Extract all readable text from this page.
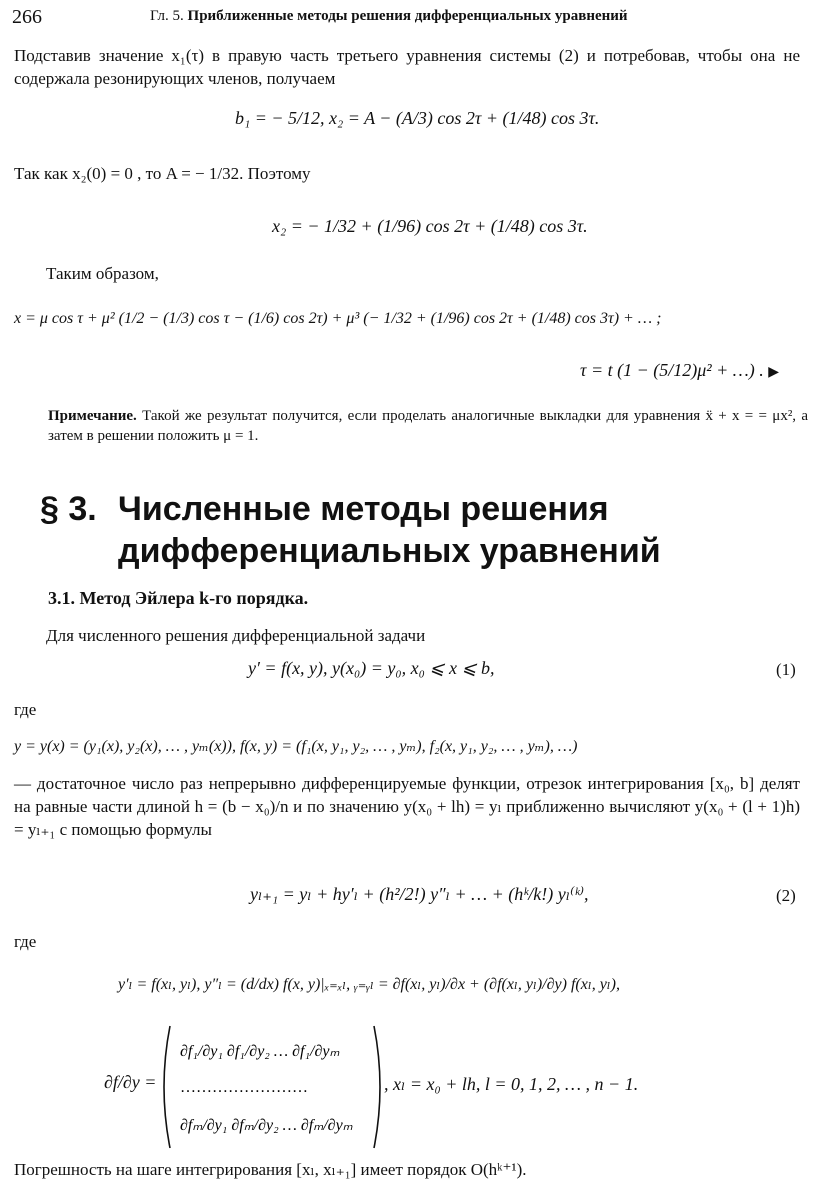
266	Гл. 5. Приближенные методы решения дифференциальных уравнений
Подставив значение x₁(τ) в правую часть третьего уравнения системы (2) и потребовав, чтобы она не содержала резонирующих членов, получаем
b₁ = − 5/12, x₂ = A − (A/3) cos 2τ + (1/48) cos 3τ.
Так как x₂(0) = 0 , то A = − 1/32. Поэтому
x₂ = − 1/32 + (1/96) cos 2τ + (1/48) cos 3τ.
Таким образом,
x = μ cos τ + μ² (1/2 − (1/3) cos τ − (1/6) cos 2τ) + μ³ (− 1/32 + (1/96) cos 2τ + (1/48) cos 3τ) + … ;
τ = t (1 − (5/12)μ² + …) . ▶
Примечание. Такой же результат получится, если проделать аналогичные выкладки для уравнения ẍ + x = = μx², а затем в решении положить μ = 1.
§ 3. Численные методы решения
дифференциальных уравнений
3.1. Метод Эйлера k-го порядка.
Для численного решения дифференциальной задачи
y′ = f(x, y), y(x₀) = y₀, x₀ ⩽ x ⩽ b,	(1)
где
y = y(x) = (y₁(x), y₂(x), … , yₘ(x)), f(x, y) = (f₁(x, y₁, y₂, … , yₘ), f₂(x, y₁, y₂, … , yₘ), …)
— достаточное число раз непрерывно дифференцируемые функции, отрезок интегрирования [x₀, b] делят на равные части длиной h = (b − x₀)/n и по значению y(x₀ + lh) = yₗ приближенно вычисляют y(x₀ + (l + 1)h) = yₗ₊₁ с помощью формулы
yₗ₊₁ = yₗ + hy′ₗ + (h²/2!) y″ₗ + … + (hᵏ/k!) yₗ⁽ᵏ⁾,	(2)
где
y′ₗ = f(xₗ, yₗ), y″ₗ = (d/dx) f(x, y)|ₓ₌ₓₗ, ᵧ₌ᵧₗ = ∂f(xₗ, yₗ)/∂x + (∂f(xₗ, yₗ)/∂y) f(xₗ, yₗ),
∂f/∂y =
∂f₁/∂y₁ ∂f₁/∂y₂ … ∂f₁/∂yₘ
……………………
∂fₘ/∂y₁ ∂fₘ/∂y₂ … ∂fₘ/∂yₘ
, xₗ = x₀ + lh, l = 0, 1, 2, … , n − 1.
Погрешность на шаге интегрирования [xₗ, xₗ₊₁] имеет порядок O(hᵏ⁺¹).
